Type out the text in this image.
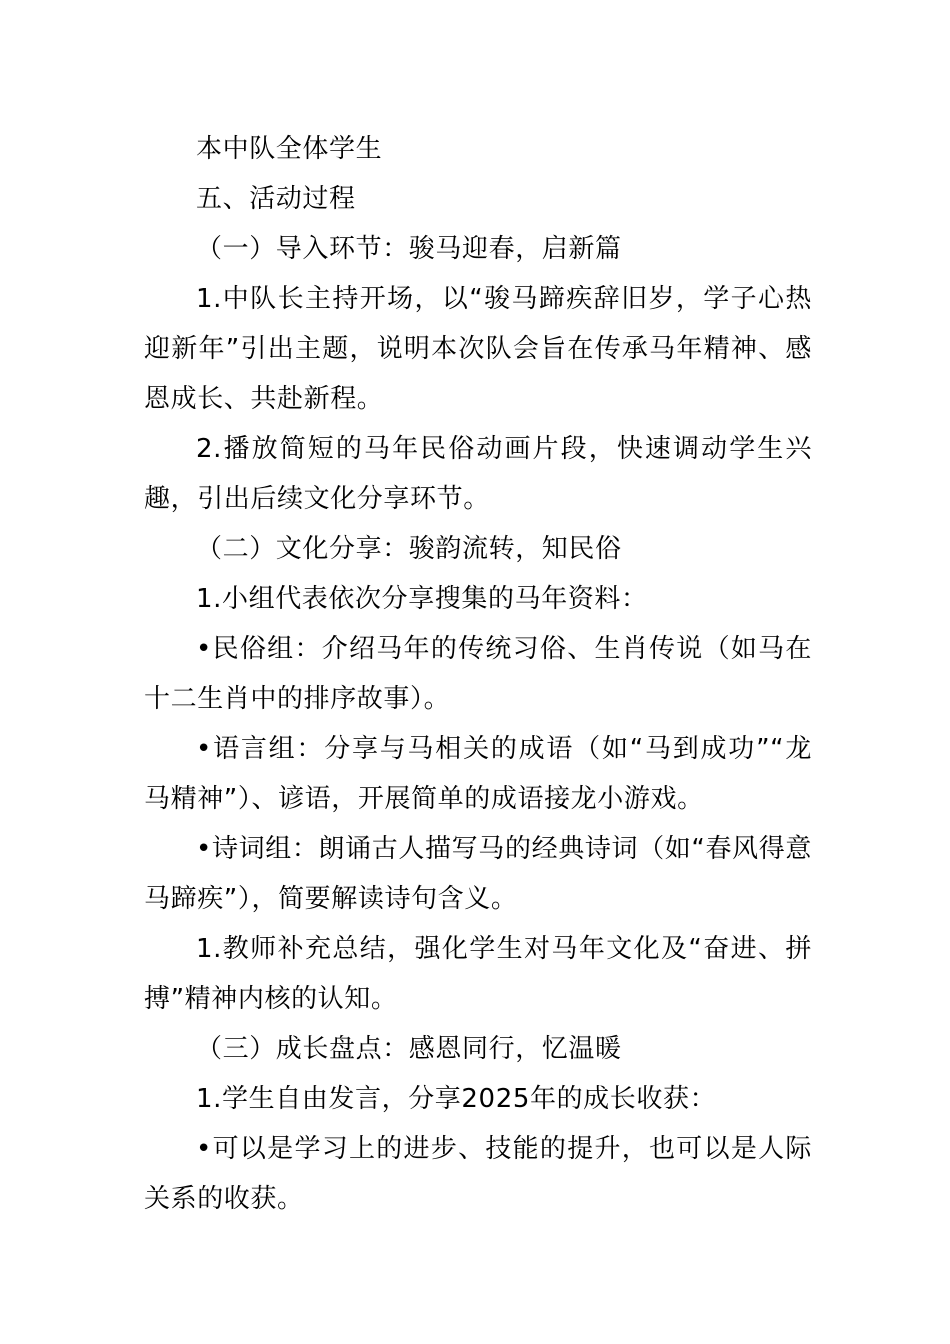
本中队全体学生

五、活动过程

（一）导入环节：骏马迎春，启新篇

1.中队长主持开场，以“骏马蹄疾辞旧岁，学子心热迎新年”引出主题，说明本次队会旨在传承马年精神、感恩成长、共赴新程。

2.播放简短的马年民俗动画片段，快速调动学生兴趣，引出后续文化分享环节。

（二）文化分享：骏韵流转，知民俗

1.小组代表依次分享搜集的马年资料：

•民俗组：介绍马年的传统习俗、生肖传说（如马在十二生肖中的排序故事）。

•语言组：分享与马相关的成语（如“马到成功”“龙马精神”）、谚语，开展简单的成语接龙小游戏。

•诗词组：朗诵古人描写马的经典诗词（如“春风得意马蹄疾”），简要解读诗句含义。

1.教师补充总结，强化学生对马年文化及“奋进、拼搏”精神内核的认知。

（三）成长盘点：感恩同行，忆温暖

1.学生自由发言，分享2025年的成长收获：

•可以是学习上的进步、技能的提升，也可以是人际关系的收获。
